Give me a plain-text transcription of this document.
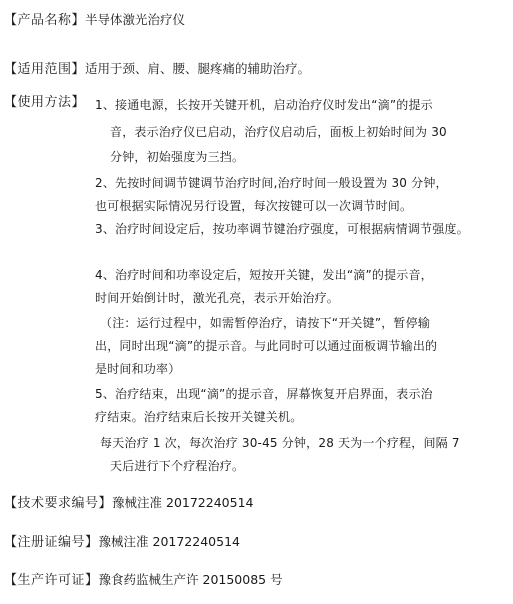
【产品名称】半导体激光治疗仪
【适用范围】适用于颈、肩、腰、腿疼痛的辅助治疗。
【使用方法】 1、接通电源，长按开关键开机，启动治疗仪时发出“滴”的提示
音，表示治疗仪已启动，治疗仪启动后，面板上初始时间为 30
分钟，初始强度为三挡。
2、先按时间调节键调节治疗时间,治疗时间一般设置为 30 分钟，
也可根据实际情况另行设置，每次按键可以一次调节时间。
3、治疗时间设定后，按功率调节键治疗强度，可根据病情调节强度。
4、治疗时间和功率设定后，短按开关键，发出“滴”的提示音，
时间开始倒计时，激光孔亮，表示开始治疗。
（注：运行过程中，如需暂停治疗，请按下“开关键”，暂停输
出，同时出现“滴”的提示音。与此同时可以通过面板调节输出的
是时间和功率）
5、治疗结束，出现“滴”的提示音，屏幕恢复开启界面，表示治
疗结束。治疗结束后长按开关键关机。
每天治疗 1 次，每次治疗 30-45 分钟，28 天为一个疗程，间隔 7
天后进行下个疗程治疗。
【技术要求编号】豫械注准 20172240514
【注册证编号】豫械注准 20172240514
【生产许可证】豫食药监械生产许 20150085 号
